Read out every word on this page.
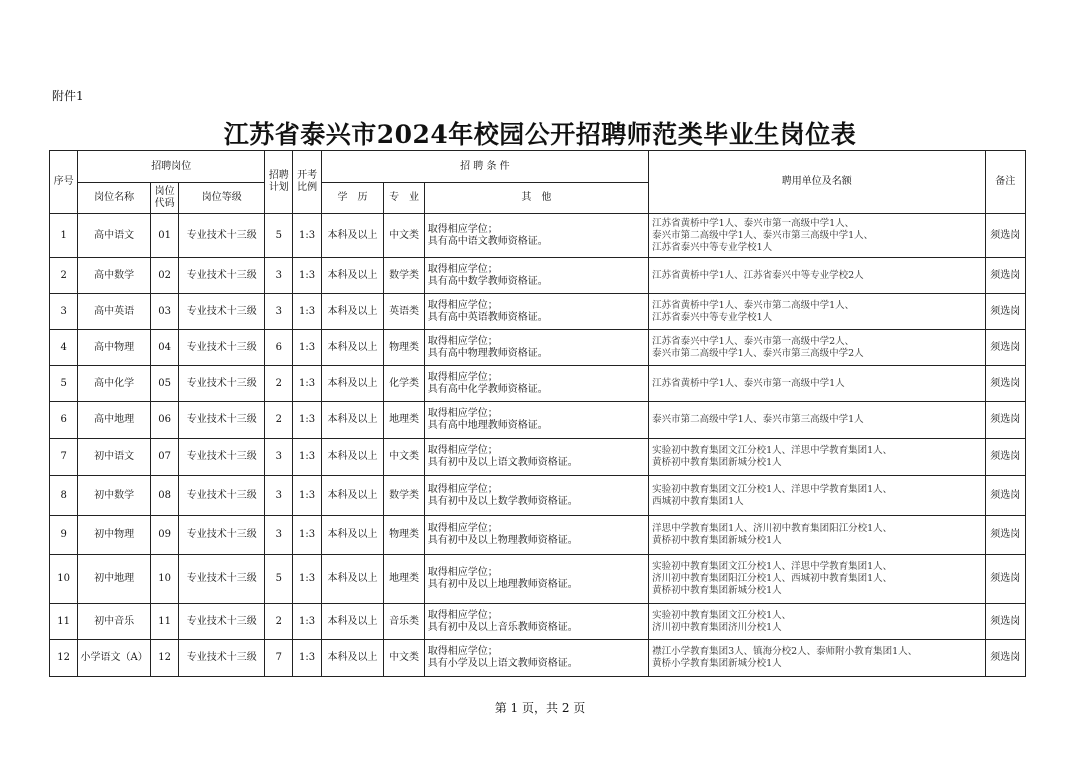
附件1
江苏省泰兴市2024年校园公开招聘师范类毕业生岗位表
序号	招聘岗位			招聘计划	开考比例	招 聘 条 件			聘用单位及名额	备注
	岗位名称	岗位代码	岗位等级			学　历	专　业	其　他		
1	高中语文	01	专业技术十三级	5	1:3	本科及以上	中文类	取得相应学位；
具有高中语文教师资格证。	江苏省黄桥中学1人、泰兴市第一高级中学1人、
泰兴市第二高级中学1人、泰兴市第三高级中学1人、
江苏省泰兴中等专业学校1人	须选岗
2	高中数学	02	专业技术十三级	3	1:3	本科及以上	数学类	取得相应学位；
具有高中数学教师资格证。	江苏省黄桥中学1人、江苏省泰兴中等专业学校2人	须选岗
3	高中英语	03	专业技术十三级	3	1:3	本科及以上	英语类	取得相应学位；
具有高中英语教师资格证。	江苏省黄桥中学1人、泰兴市第二高级中学1人、
江苏省泰兴中等专业学校1人	须选岗
4	高中物理	04	专业技术十三级	6	1:3	本科及以上	物理类	取得相应学位；
具有高中物理教师资格证。	江苏省泰兴中学1人、泰兴市第一高级中学2人、
泰兴市第二高级中学1人、泰兴市第三高级中学2人	须选岗
5	高中化学	05	专业技术十三级	2	1:3	本科及以上	化学类	取得相应学位；
具有高中化学教师资格证。	江苏省黄桥中学1人、泰兴市第一高级中学1人	须选岗
6	高中地理	06	专业技术十三级	2	1:3	本科及以上	地理类	取得相应学位；
具有高中地理教师资格证。	泰兴市第二高级中学1人、泰兴市第三高级中学1人	须选岗
7	初中语文	07	专业技术十三级	3	1:3	本科及以上	中文类	取得相应学位；
具有初中及以上语文教师资格证。	实验初中教育集团文江分校1人、洋思中学教育集团1人、
黄桥初中教育集团新城分校1人	须选岗
8	初中数学	08	专业技术十三级	3	1:3	本科及以上	数学类	取得相应学位；
具有初中及以上数学教师资格证。	实验初中教育集团文江分校1人、洋思中学教育集团1人、
西城初中教育集团1人	须选岗
9	初中物理	09	专业技术十三级	3	1:3	本科及以上	物理类	取得相应学位；
具有初中及以上物理教师资格证。	洋思中学教育集团1人、济川初中教育集团阳江分校1人、
黄桥初中教育集团新城分校1人	须选岗
10	初中地理	10	专业技术十三级	5	1:3	本科及以上	地理类	取得相应学位；
具有初中及以上地理教师资格证。	实验初中教育集团文江分校1人、洋思中学教育集团1人、
济川初中教育集团阳江分校1人、西城初中教育集团1人、
黄桥初中教育集团新城分校1人	须选岗
11	初中音乐	11	专业技术十三级	2	1:3	本科及以上	音乐类	取得相应学位；
具有初中及以上音乐教师资格证。	实验初中教育集团文江分校1人、
济川初中教育集团济川分校1人	须选岗
12	小学语文（A）	12	专业技术十三级	7	1:3	本科及以上	中文类	取得相应学位；
具有小学及以上语文教师资格证。	襟江小学教育集团3人、镇海分校2人、泰师附小教育集团1人、
黄桥小学教育集团新城分校1人	须选岗
第 1 页，共 2 页
